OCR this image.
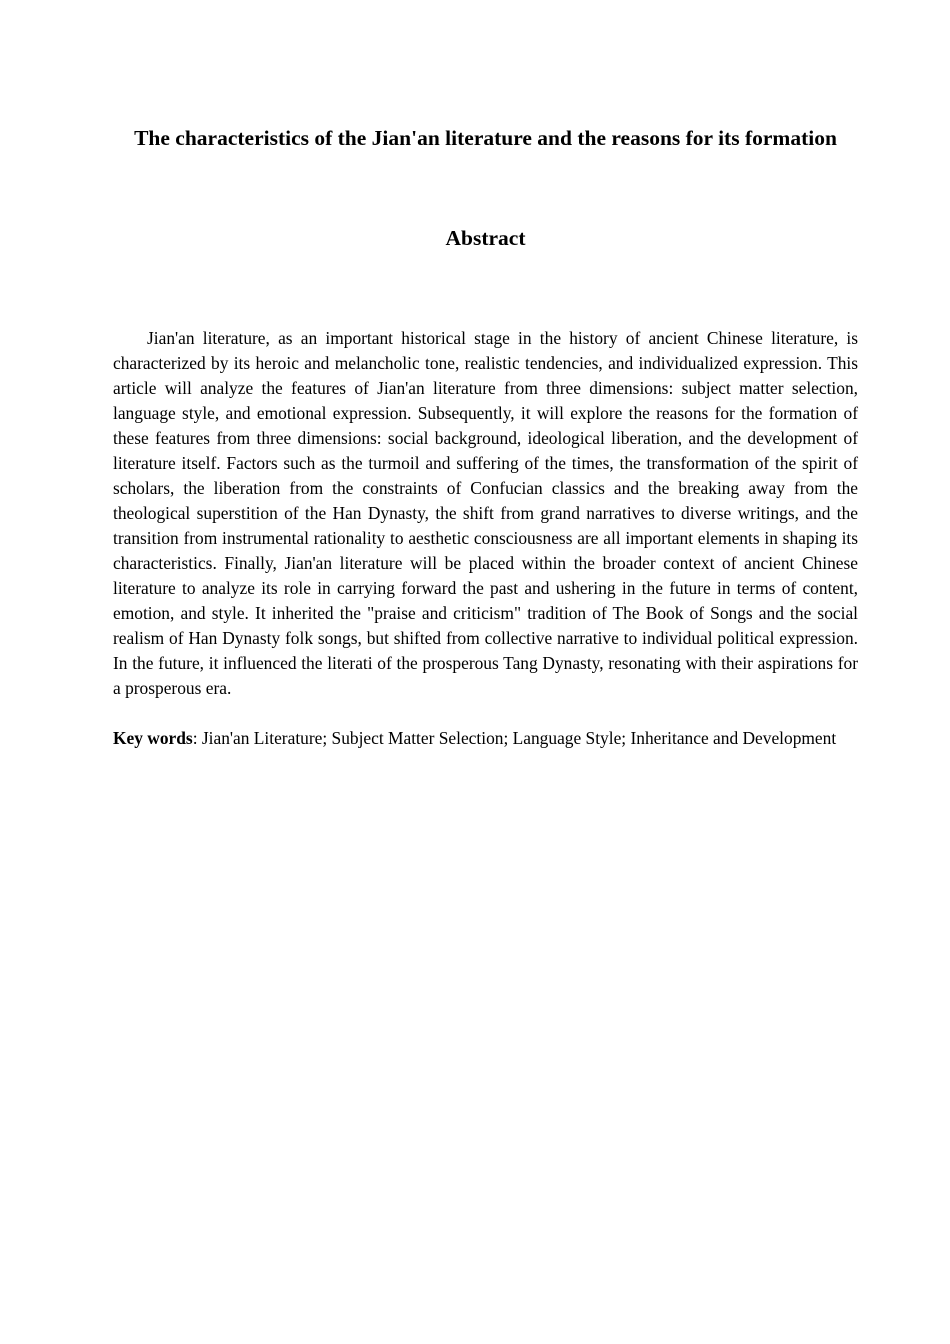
The characteristics of the Jian'an literature and the reasons for its formation
Abstract

Jian'an literature, as an important historical stage in the history of ancient Chinese literature, is characterized by its heroic and melancholic tone, realistic tendencies, and individualized expression. This article will analyze the features of Jian'an literature from three dimensions: subject matter selection, language style, and emotional expression. Subsequently, it will explore the reasons for the formation of these features from three dimensions: social background, ideological liberation, and the development of literature itself. Factors such as the turmoil and suffering of the times, the transformation of the spirit of scholars, the liberation from the constraints of Confucian classics and the breaking away from the theological superstition of the Han Dynasty, the shift from grand narratives to diverse writings, and the transition from instrumental rationality to aesthetic consciousness are all important elements in shaping its characteristics. Finally, Jian'an literature will be placed within the broader context of ancient Chinese literature to analyze its role in carrying forward the past and ushering in the future in terms of content, emotion, and style. It inherited the "praise and criticism" tradition of The Book of Songs and the social realism of Han Dynasty folk songs, but shifted from collective narrative to individual political expression. In the future, it influenced the literati of the prosperous Tang Dynasty, resonating with their aspirations for a prosperous era.

Key words: Jian'an Literature; Subject Matter Selection; Language Style; Inheritance and Development
